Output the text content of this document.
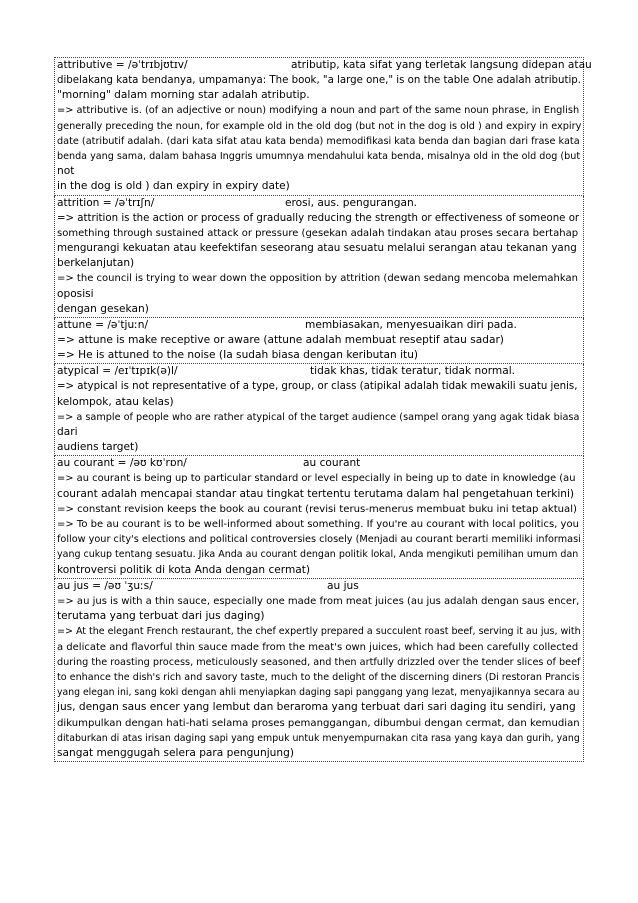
attributive = /əˈtrɪbjʊtɪv/	atributip, kata sifat yang terletak langsung didepan atau
dibelakang kata bendanya, umpamanya: The book, "a large one," is on the table One adalah atributip.
"morning" dalam morning star adalah atributip.
=> attributive is. (of an adjective or noun) modifying a noun and part of the same noun phrase, in English
generally preceding the noun, for example old in the old dog (but not in the dog is old ) and expiry in expiry
date (atributif adalah. (dari kata sifat atau kata benda) memodifikasi kata benda dan bagian dari frase kata
benda yang sama, dalam bahasa Inggris umumnya mendahului kata benda, misalnya old in the old dog (but
not
in the dog is old ) dan expiry in expiry date)
attrition = /əˈtrɪʃn/	erosi, aus. pengurangan.
=> attrition is the action or process of gradually reducing the strength or effectiveness of someone or
something through sustained attack or pressure (gesekan adalah tindakan atau proses secara bertahap
mengurangi kekuatan atau keefektifan seseorang atau sesuatu melalui serangan atau tekanan yang
berkelanjutan)
=> the council is trying to wear down the opposition by attrition (dewan sedang mencoba melemahkan
oposisi
dengan gesekan)
attune = /əˈtjuːn/	membiasakan, menyesuaikan diri pada.
=> attune is make receptive or aware (attune adalah membuat reseptif atau sadar)
=> He is attuned to the noise (Ia sudah biasa dengan keributan itu)
atypical = /eɪˈtɪpɪk(ə)l/	tidak khas, tidak teratur, tidak normal.
=> atypical is not representative of a type, group, or class (atipikal adalah tidak mewakili suatu jenis,
kelompok, atau kelas)
=> a sample of people who are rather atypical of the target audience (sampel orang yang agak tidak biasa
dari
audiens target)
au courant = /əʊ kʊˈrɒn/	au courant
=> au courant is being up to particular standard or level especially in being up to date in knowledge (au
courant adalah mencapai standar atau tingkat tertentu terutama dalam hal pengetahuan terkini)
=> constant revision keeps the book au courant (revisi terus-menerus membuat buku ini tetap aktual)
=> To be au courant is to be well-informed about something. If you're au courant with local politics, you
follow your city's elections and political controversies closely (Menjadi au courant berarti memiliki informasi
yang cukup tentang sesuatu. Jika Anda au courant dengan politik lokal, Anda mengikuti pemilihan umum dan
kontroversi politik di kota Anda dengan cermat)
au jus = /əʊ ˈʒuːs/	au jus
=> au jus is with a thin sauce, especially one made from meat juices (au jus adalah dengan saus encer,
terutama yang terbuat dari jus daging)
=> At the elegant French restaurant, the chef expertly prepared a succulent roast beef, serving it au jus, with
a delicate and flavorful thin sauce made from the meat's own juices, which had been carefully collected
during the roasting process, meticulously seasoned, and then artfully drizzled over the tender slices of beef
to enhance the dish's rich and savory taste, much to the delight of the discerning diners (Di restoran Prancis
yang elegan ini, sang koki dengan ahli menyiapkan daging sapi panggang yang lezat, menyajikannya secara au
jus, dengan saus encer yang lembut dan beraroma yang terbuat dari sari daging itu sendiri, yang
dikumpulkan dengan hati-hati selama proses pemanggangan, dibumbui dengan cermat, dan kemudian
ditaburkan di atas irisan daging sapi yang empuk untuk menyempurnakan cita rasa yang kaya dan gurih, yang
sangat menggugah selera para pengunjung)
